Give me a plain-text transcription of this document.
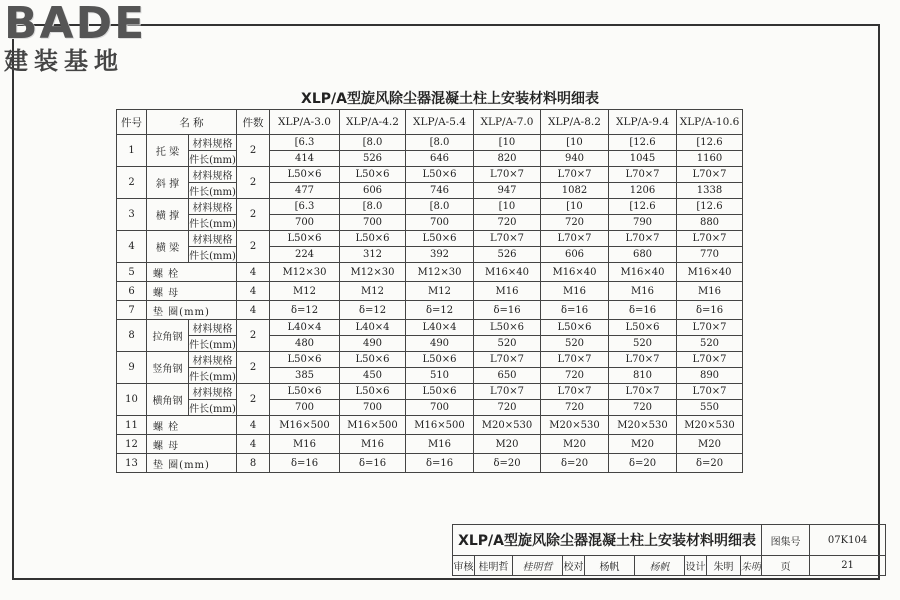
BADE
建装基地
XLP/A型旋风除尘器混凝土柱上安装材料明细表
件号	名 称		件数	XLP/A-3.0	XLP/A-4.2	XLP/A-5.4	XLP/A-7.0	XLP/A-8.2	XLP/A-9.4	XLP/A-10.6
1	托 梁	材料规格	2	[6.3	[8.0	[8.0	[10	[10	[12.6	[12.6
		件长(mm)		414	526	646	820	940	1045	1160
2	斜 撑	材料规格	2	L50×6	L50×6	L50×6	L70×7	L70×7	L70×7	L70×7
		件长(mm)		477	606	746	947	1082	1206	1338
3	横 撑	材料规格	2	[6.3	[8.0	[8.0	[10	[10	[12.6	[12.6
		件长(mm)		700	700	700	720	720	790	880
4	横 梁	材料规格	2	L50×6	L50×6	L50×6	L70×7	L70×7	L70×7	L70×7
		件长(mm)		224	312	392	526	606	680	770
5	螺 栓		4	M12×30	M12×30	M12×30	M16×40	M16×40	M16×40	M16×40
6	螺 母		4	M12	M12	M12	M16	M16	M16	M16
7	垫 圈(mm)		4	δ=12	δ=12	δ=12	δ=16	δ=16	δ=16	δ=16
8	拉角钢	材料规格	2	L40×4	L40×4	L40×4	L50×6	L50×6	L50×6	L70×7
		件长(mm)		480	490	490	520	520	520	520
9	竖角钢	材料规格	2	L50×6	L50×6	L50×6	L70×7	L70×7	L70×7	L70×7
		件长(mm)		385	450	510	650	720	810	890
10	横角钢	材料规格	2	L50×6	L50×6	L50×6	L70×7	L70×7	L70×7	L70×7
		件长(mm)		700	700	700	720	720	720	550
11	螺 栓		4	M16×500	M16×500	M16×500	M20×530	M20×530	M20×530	M20×530
12	螺 母		4	M16	M16	M16	M20	M20	M20	M20
13	垫 圈(mm)		8	δ=16	δ=16	δ=16	δ=20	δ=20	δ=20	δ=20
XLP/A型旋风除尘器混凝土柱上安装材料明细表									图集号	07K104
审核	桂明哲	桂明哲	校对	杨帆	杨帆	设计	朱明	朱明	页	21
